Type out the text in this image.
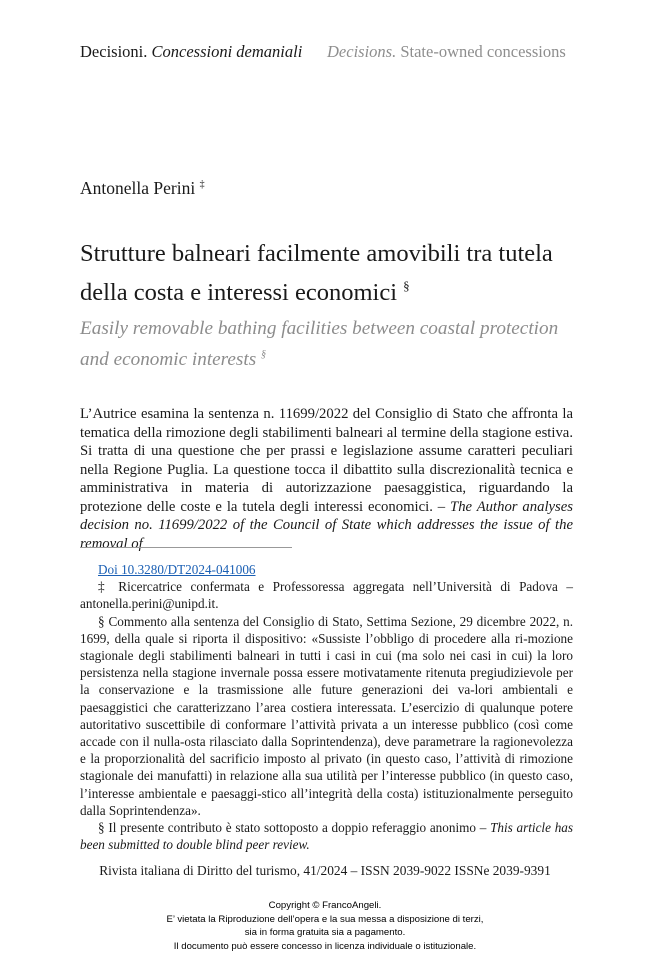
Decisioni. Concessioni demaniali Decisions. State-owned concessions
Antonella Perini ‡
Strutture balneari facilmente amovibili tra tutela della costa e interessi economici §
Easily removable bathing facilities between coastal protection and economic interests §
L’Autrice esamina la sentenza n. 11699/2022 del Consiglio di Stato che affronta la tematica della rimozione degli stabilimenti balneari al termine della stagione estiva. Si tratta di una questione che per prassi e legislazione assume caratteri peculiari nella Regione Puglia. La questione tocca il dibattito sulla discrezionalità tecnica e amministrativa in materia di autorizzazione paesaggistica, riguardando la protezione delle coste e la tutela degli interessi economici. – The Author analyses decision no. 11699/2022 of the Council of State which addresses the issue of the removal of

Doi 10.3280/DT2024-041006

‡ Ricercatrice confermata e Professoressa aggregata nell’Università di Padova – antonella.perini@unipd.it.

§ Commento alla sentenza del Consiglio di Stato, Settima Sezione, 29 dicembre 2022, n. 1699, della quale si riporta il dispositivo: «Sussiste l’obbligo di procedere alla ri-mozione stagionale degli stabilimenti balneari in tutti i casi in cui (ma solo nei casi in cui) la loro persistenza nella stagione invernale possa essere motivatamente ritenuta pregiudizievole per la conservazione e la trasmissione alle future generazioni dei va-lori ambientali e paesaggistici che caratterizzano l’area costiera interessata. L’esercizio di qualunque potere autoritativo suscettibile di conformare l’attività privata a un interesse pubblico (così come accade con il nulla-osta rilasciato dalla Soprintendenza), deve parametrare la ragionevolezza e la proporzionalità del sacrificio imposto al privato (in questo caso, l’attività di rimozione stagionale dei manufatti) in relazione alla sua utilità per l’interesse pubblico (in questo caso, l’interesse ambientale e paesaggi-stico all’integrità della costa) istituzionalmente perseguito dalla Soprintendenza».

§ Il presente contributo è stato sottoposto a doppio referaggio anonimo – This article has been submitted to double blind peer review.

Rivista italiana di Diritto del turismo, 41/2024 – ISSN 2039-9022 ISSNe 2039-9391
Copyright © FrancoAngeli.
E’ vietata la Riproduzione dell’opera e la sua messa a disposizione di terzi,
sia in forma gratuita sia a pagamento.
Il documento può essere concesso in licenza individuale o istituzionale.
